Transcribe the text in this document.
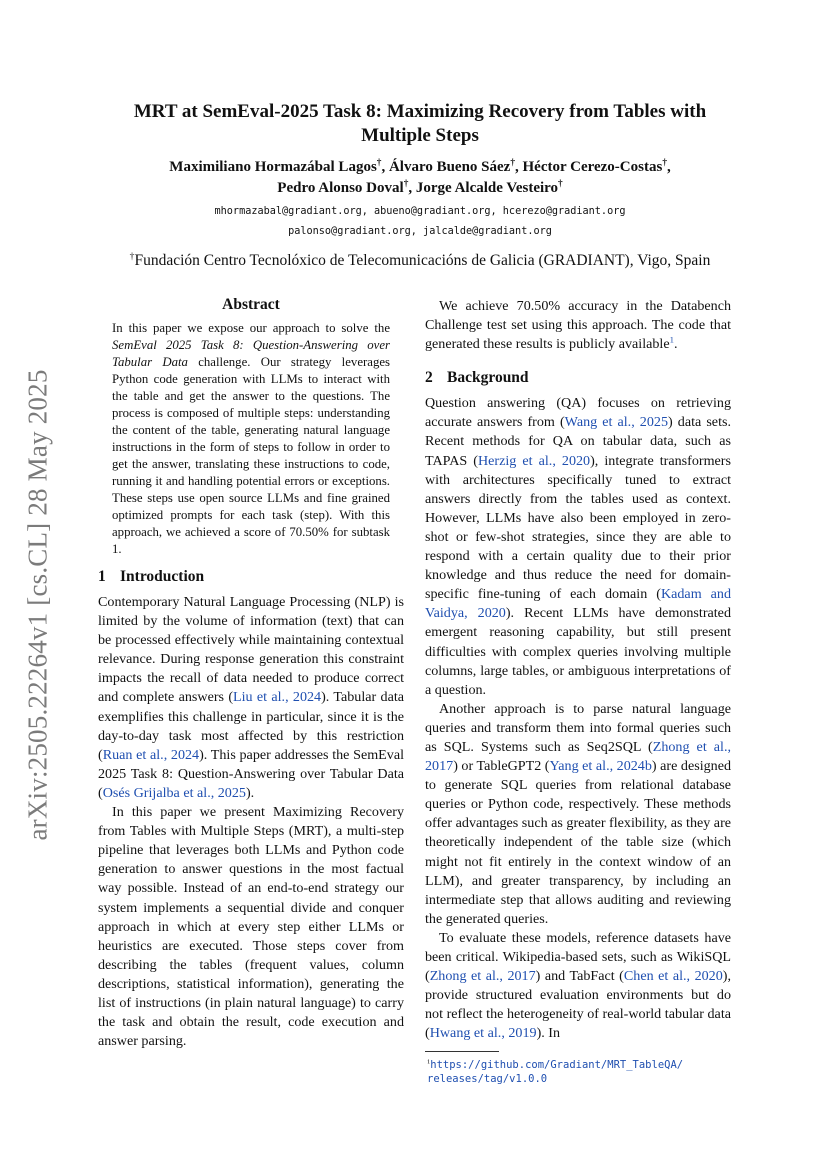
arXiv:2505.22264v1 [cs.CL] 28 May 2025
MRT at SemEval-2025 Task 8: Maximizing Recovery from Tables with Multiple Steps
Maximiliano Hormazábal Lagos†, Álvaro Bueno Sáez†, Héctor Cerezo-Costas†,
Pedro Alonso Doval†, Jorge Alcalde Vesteiro†
mhormazabal@gradiant.org, abueno@gradiant.org, hcerezo@gradiant.org
palonso@gradiant.org, jalcalde@gradiant.org
†Fundación Centro Tecnolóxico de Telecomunicacións de Galicia (GRADIANT), Vigo, Spain
Abstract
In this paper we expose our approach to solve the SemEval 2025 Task 8: Question-Answering over Tabular Data challenge. Our strategy leverages Python code generation with LLMs to interact with the table and get the answer to the questions. The process is composed of multiple steps: understanding the content of the table, generating natural language instructions in the form of steps to follow in order to get the answer, translating these instructions to code, running it and handling potential errors or exceptions. These steps use open source LLMs and fine grained optimized prompts for each task (step). With this approach, we achieved a score of 70.50% for subtask 1.
1 Introduction

Contemporary Natural Language Processing (NLP) is limited by the volume of information (text) that can be processed effectively while maintaining contextual relevance. During response generation this constraint impacts the recall of data needed to produce correct and complete answers (Liu et al., 2024). Tabular data exemplifies this challenge in particular, since it is the day-to-day task most affected by this restriction (Ruan et al., 2024). This paper addresses the SemEval 2025 Task 8: Question-Answering over Tabular Data (Osés Grijalba et al., 2025).

In this paper we present Maximizing Recovery from Tables with Multiple Steps (MRT), a multi-step pipeline that leverages both LLMs and Python code generation to answer questions in the most factual way possible. Instead of an end-to-end strategy our system implements a sequential divide and conquer approach in which at every step either LLMs or heuristics are executed. Those steps cover from describing the tables (frequent values, column descriptions, statistical information), generating the list of instructions (in plain natural language) to carry the task and obtain the result, code execution and answer parsing.

We achieve 70.50% accuracy in the Databench Challenge test set using this approach. The code that generated these results is publicly available$^1$.

2 Background

Question answering (QA) focuses on retrieving accurate answers from (Wang et al., 2025) data sets. Recent methods for QA on tabular data, such as TAPAS (Herzig et al., 2020), integrate transformers with architectures specifically tuned to extract answers directly from the tables used as context. However, LLMs have also been employed in zero-shot or few-shot strategies, since they are able to respond with a certain quality due to their prior knowledge and thus reduce the need for domain-specific fine-tuning of each domain (Kadam and Vaidya, 2020). Recent LLMs have demonstrated emergent reasoning capability, but still present difficulties with complex queries involving multiple columns, large tables, or ambiguous interpretations of a question.

Another approach is to parse natural language queries and transform them into formal queries such as SQL. Systems such as Seq2SQL (Zhong et al., 2017) or TableGPT2 (Yang et al., 2024b) are designed to generate SQL queries from relational database queries or Python code, respectively. These methods offer advantages such as greater flexibility, as they are theoretically independent of the table size (which might not fit entirely in the context window of an LLM), and greater transparency, by including an intermediate step that allows auditing and reviewing the generated queries.

To evaluate these models, reference datasets have been critical. Wikipedia-based sets, such as WikiSQL (Zhong et al., 2017) and TabFact (Chen et al., 2020), provide structured evaluation environments but do not reflect the heterogeneity of real-world tabular data (Hwang et al., 2019). In

$^1$https://github.com/Gradiant/MRT_TableQA/
releases/tag/v1.0.0
